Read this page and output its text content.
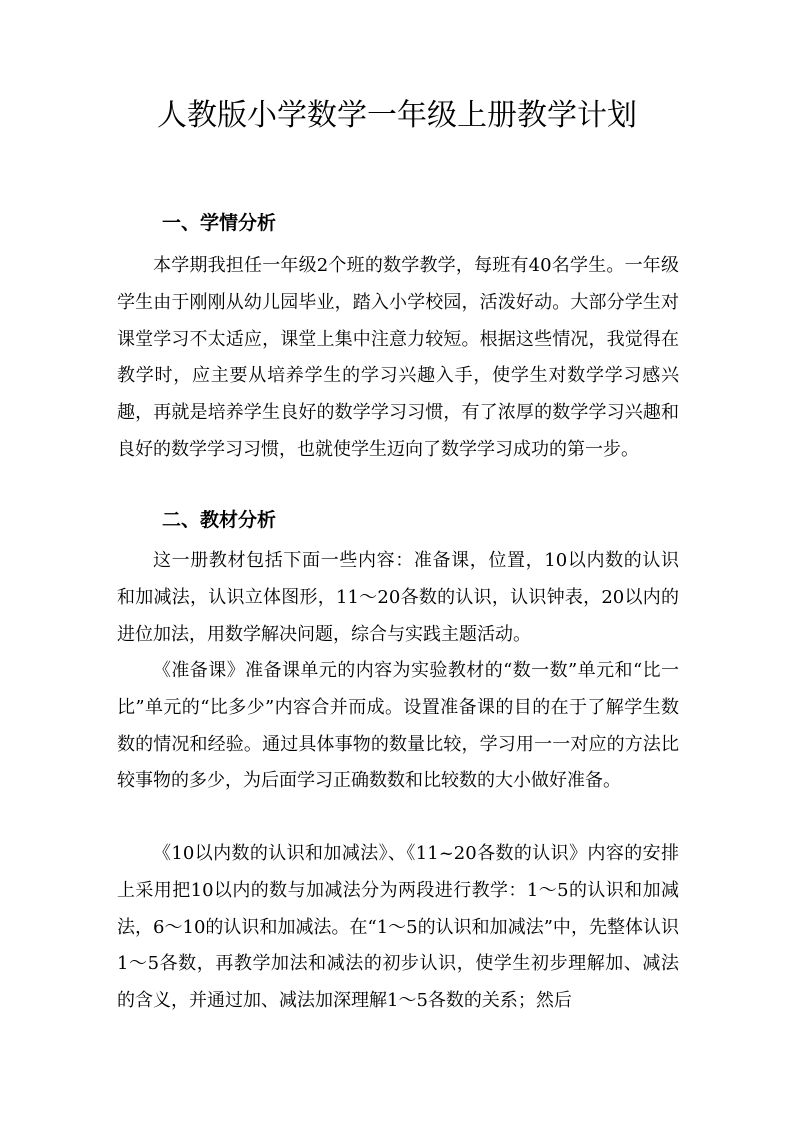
人教版小学数学一年级上册教学计划
一、学情分析

本学期我担任一年级2个班的数学教学，每班有40名学生。一年级学生由于刚刚从幼儿园毕业，踏入小学校园，活泼好动。大部分学生对课堂学习不太适应，课堂上集中注意力较短。根据这些情况，我觉得在教学时，应主要从培养学生的学习兴趣入手，使学生对数学学习感兴趣，再就是培养学生良好的数学学习习惯，有了浓厚的数学学习兴趣和良好的数学学习习惯，也就使学生迈向了数学学习成功的第一步。

二、教材分析

这一册教材包括下面一些内容：准备课，位置，10以内数的认识和加减法，认识立体图形，11～20各数的认识，认识钟表，20以内的进位加法，用数学解决问题，综合与实践主题活动。

《准备课》准备课单元的内容为实验教材的“数一数”单元和“比一比”单元的“比多少”内容合并而成。设置准备课的目的在于了解学生数数的情况和经验。通过具体事物的数量比较，学习用一一对应的方法比较事物的多少，为后面学习正确数数和比较数的大小做好准备。

《10以内数的认识和加减法》、《11~20各数的认识》内容的安排上采用把10以内的数与加减法分为两段进行教学：1～5的认识和加减法，6～10的认识和加减法。在“1～5的认识和加减法”中，先整体认识1～5各数，再教学加法和减法的初步认识，使学生初步理解加、减法的含义，并通过加、减法加深理解1～5各数的关系；然后
